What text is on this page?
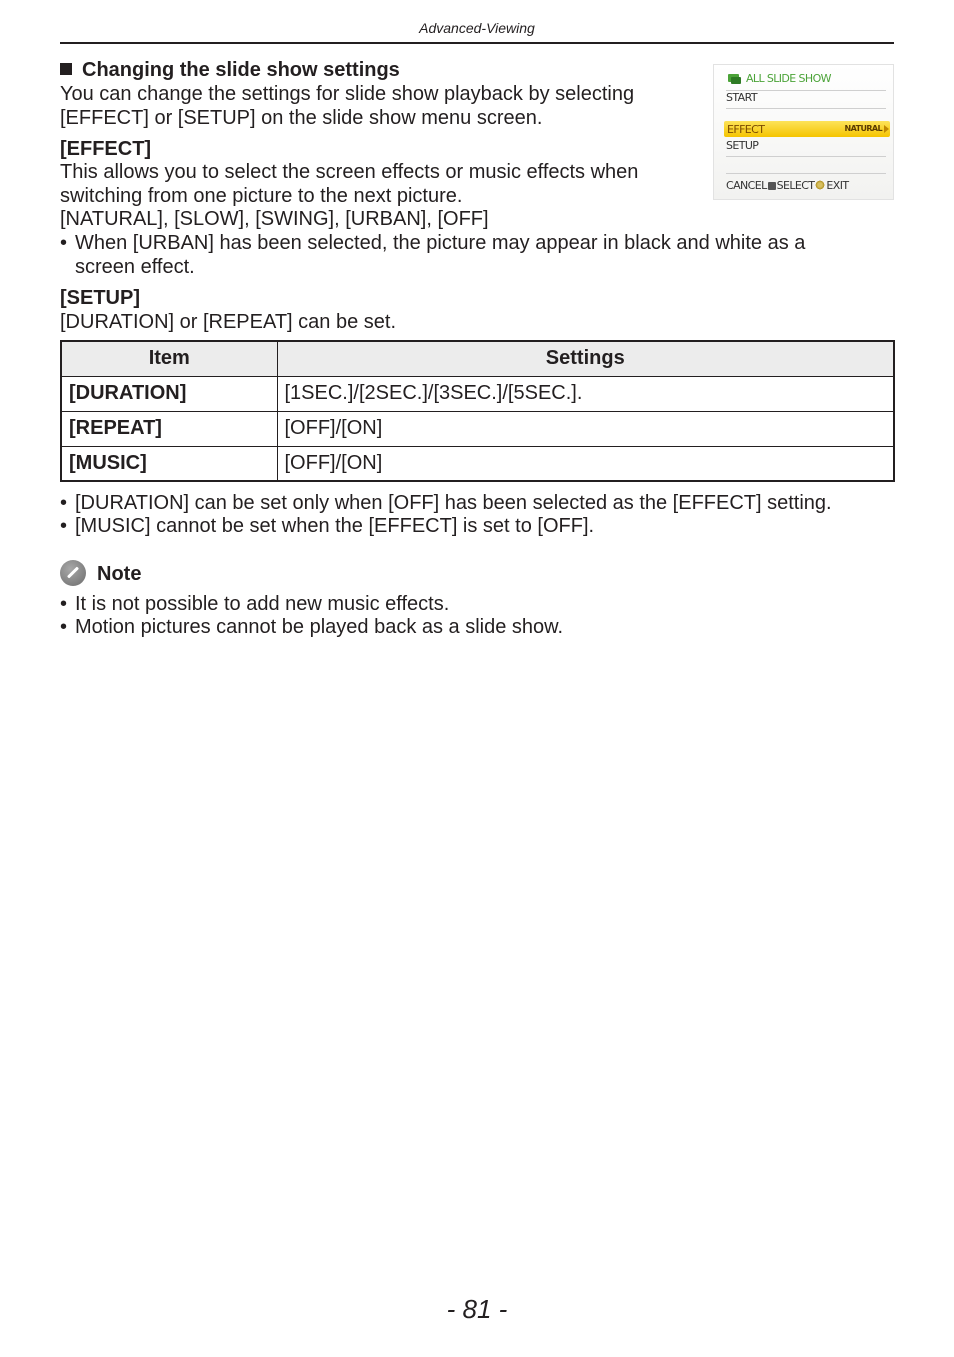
Advanced-Viewing
Changing the slide show settings
You can change the settings for slide show playback by selecting
[EFFECT] or [SETUP] on the slide show menu screen.
ALL SLIDE SHOW
START
EFFECT	NATURAL
SETUP
CANCEL SELECT EXIT
[EFFECT]
This allows you to select the screen effects or music effects when
switching from one picture to the next picture.
[NATURAL], [SLOW], [SWING], [URBAN], [OFF]
• When [URBAN] has been selected, the picture may appear in black and white as a
screen effect.
[SETUP]
[DURATION] or [REPEAT] can be set.
Item	Settings
[DURATION]	[1SEC.]/[2SEC.]/[3SEC.]/[5SEC.].
[REPEAT]	[OFF]/[ON]
[MUSIC]	[OFF]/[ON]
• [DURATION] can be set only when [OFF] has been selected as the [EFFECT] setting.
• [MUSIC] cannot be set when the [EFFECT] is set to [OFF].
Note
• It is not possible to add new music effects.
• Motion pictures cannot be played back as a slide show.
- 81 -
